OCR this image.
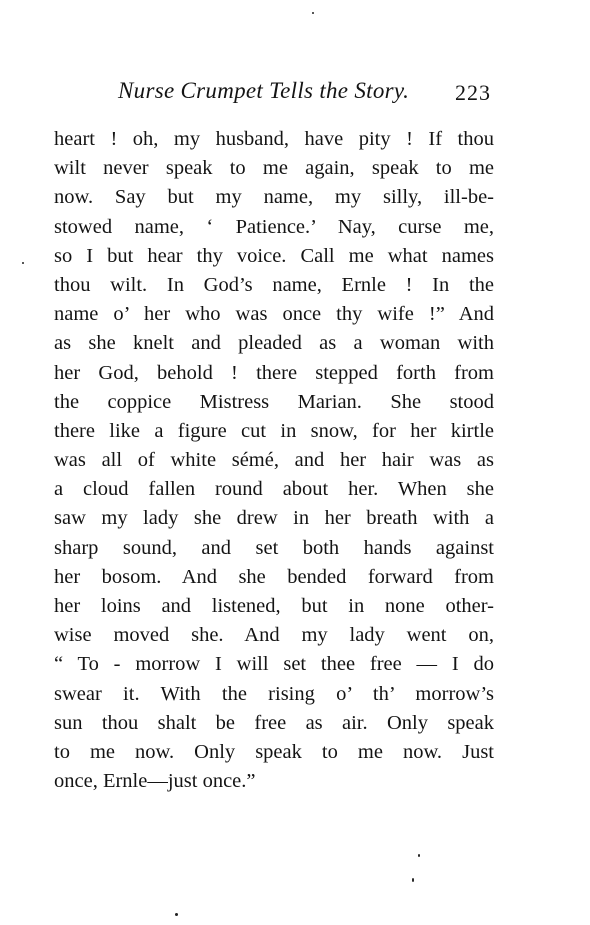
Nurse Crumpet Tells the Story. 223
heart ! oh, my husband, have pity ! If thou
wilt never speak to me again, speak to me
now. Say but my name, my silly, ill-be-
stowed name, ‘ Patience.’ Nay, curse me,
so I but hear thy voice. Call me what names
thou wilt. In God’s name, Ernle ! In the
name o’ her who was once thy wife !” And
as she knelt and pleaded as a woman with
her God, behold ! there stepped forth from
the coppice Mistress Marian. She stood
there like a figure cut in snow, for her kirtle
was all of white sémé, and her hair was as
a cloud fallen round about her. When she
saw my lady she drew in her breath with a
sharp sound, and set both hands against
her bosom. And she bended forward from
her loins and listened, but in none other-
wise moved she. And my lady went on,
“ To - morrow I will set thee free — I do
swear it. With the rising o’ th’ morrow’s
sun thou shalt be free as air. Only speak
to me now. Only speak to me now. Just
once, Ernle—just once.”
